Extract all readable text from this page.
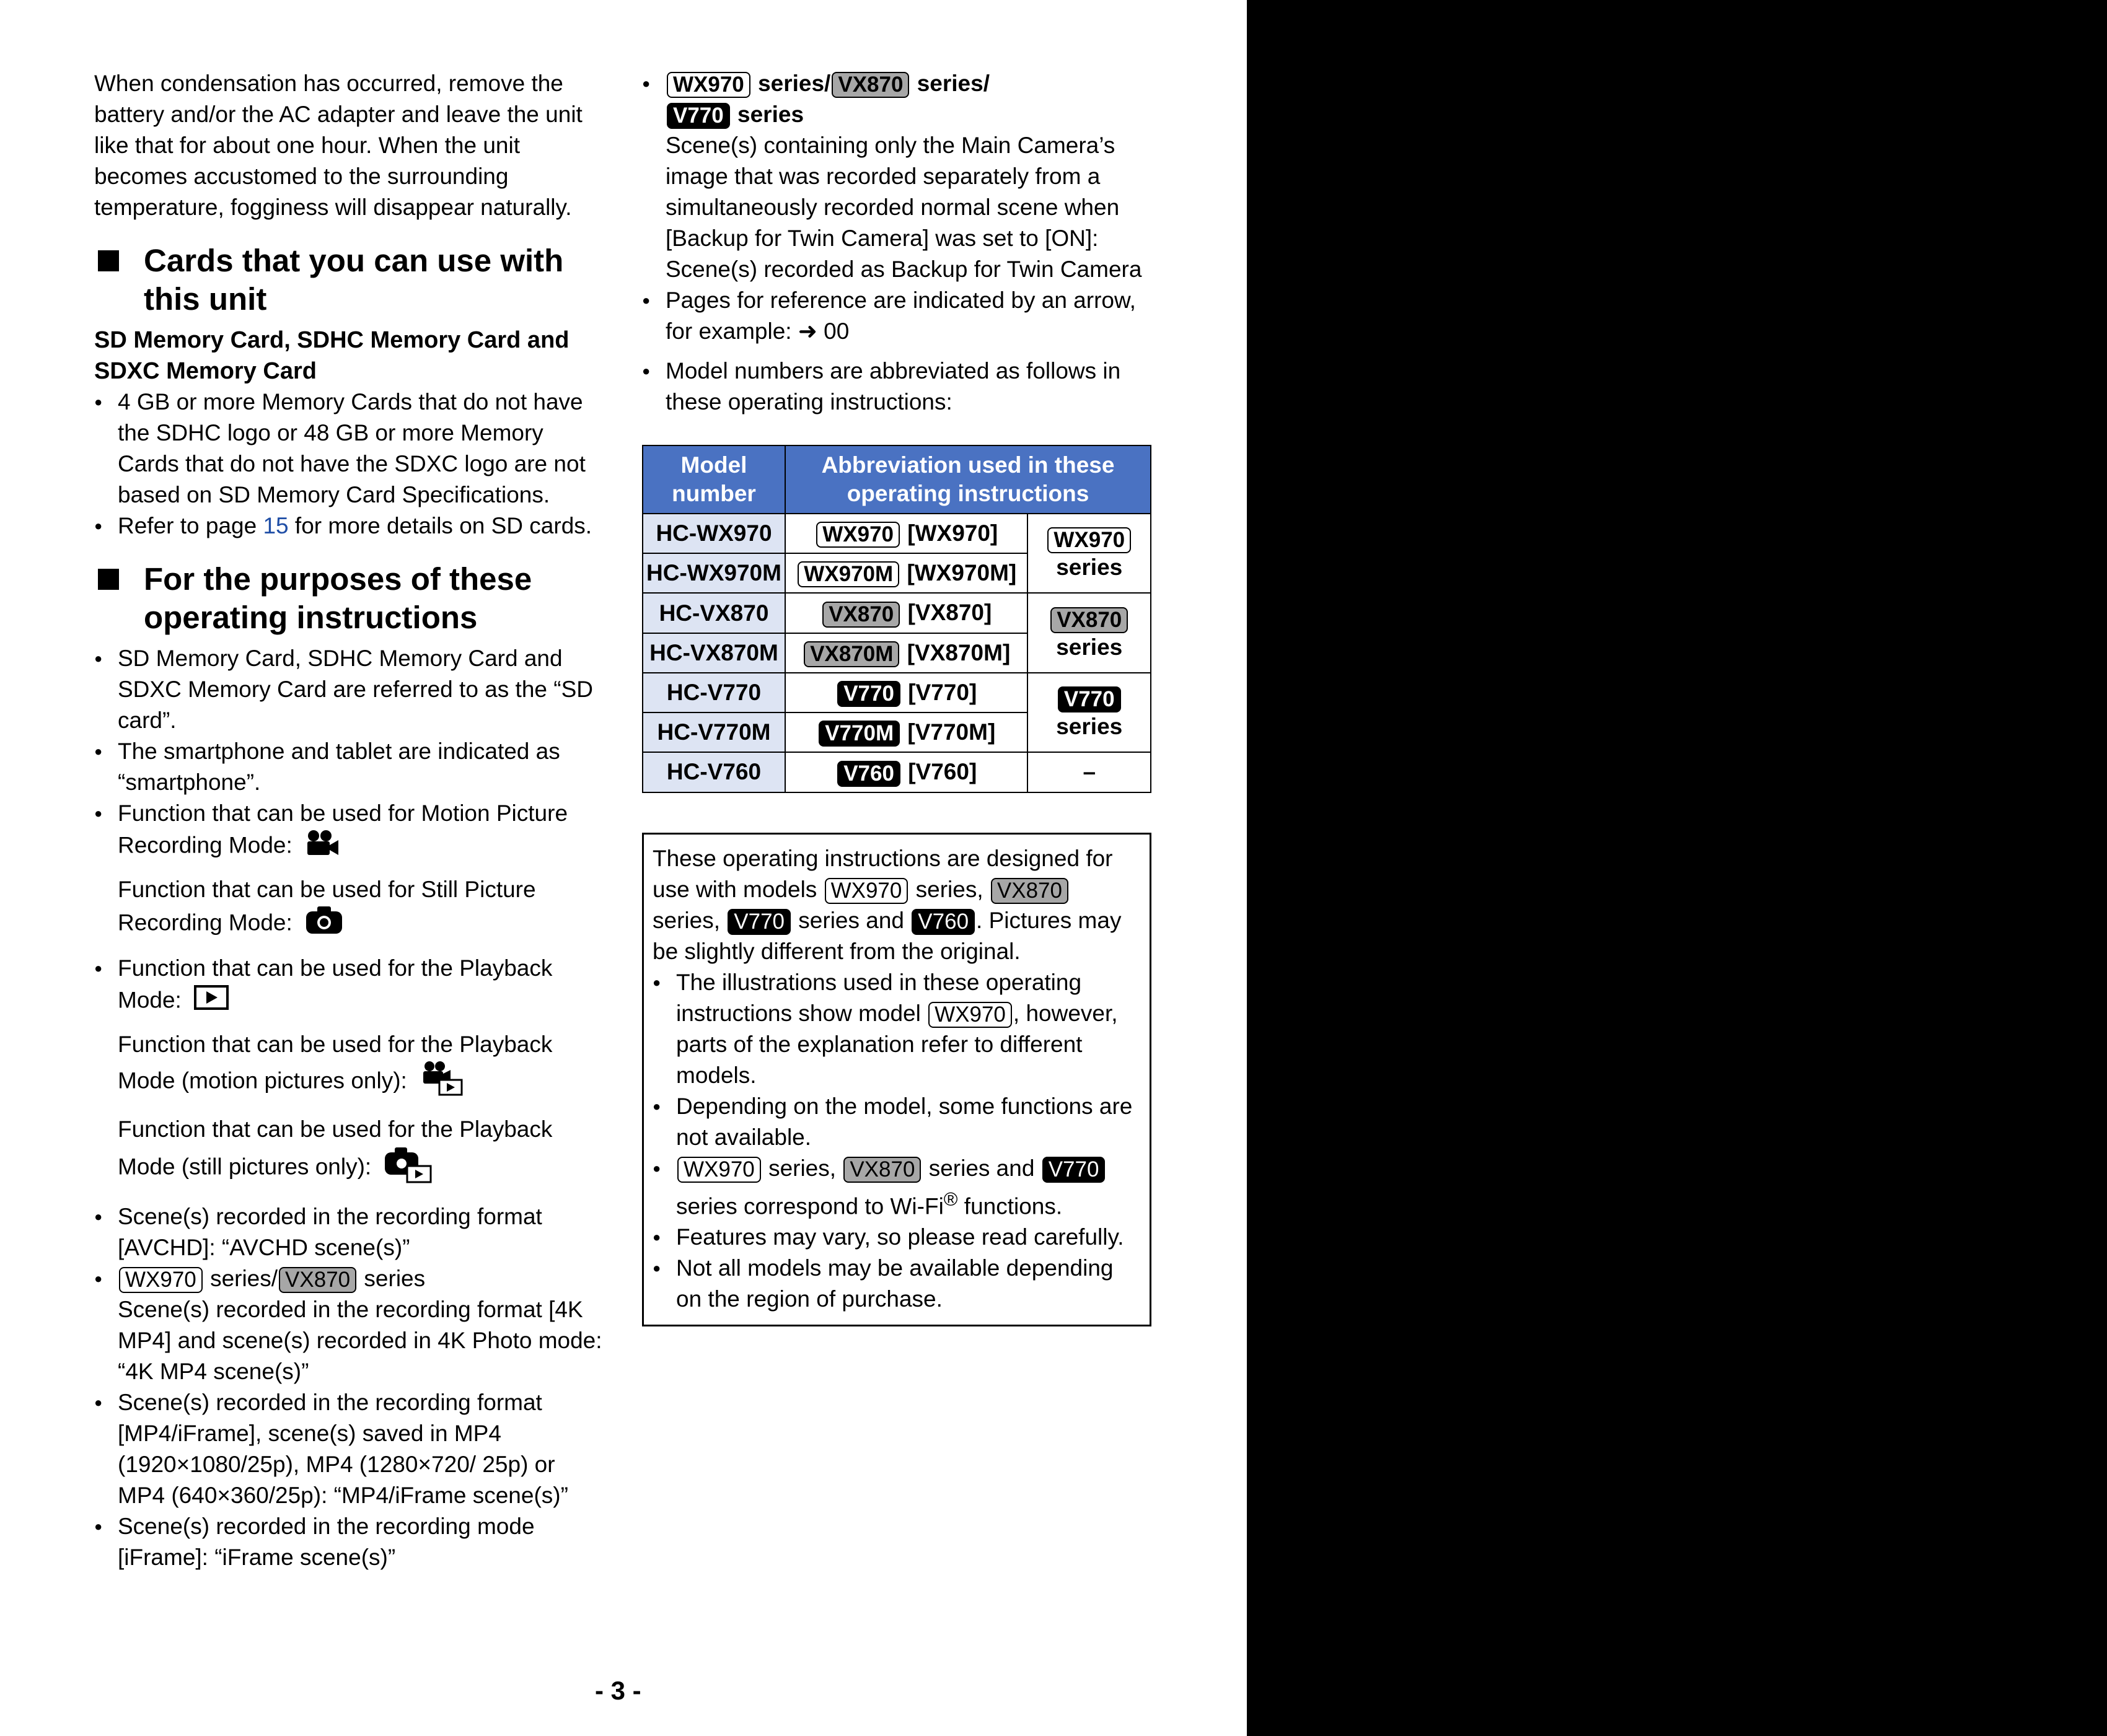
When condensation has occurred, remove the battery and/or the AC adapter and leave the unit like that for about one hour. When the unit becomes accustomed to the surrounding temperature, fogginess will disappear naturally.

Cards that you can use with this unit
SD Memory Card, SDHC Memory Card and SDXC Memory Card
● 4 GB or more Memory Cards that do not have the SDHC logo or 48 GB or more Memory Cards that do not have the SDXC logo are not based on SD Memory Card Specifications.
● Refer to page 15 for more details on SD cards.
For the purposes of these operating instructions
● SD Memory Card, SDHC Memory Card and SDXC Memory Card are referred to as the “SD card”.
● The smartphone and tablet are indicated as “smartphone”.
● Function that can be used for Motion Picture Recording Mode:
Function that can be used for Still Picture Recording Mode:
● Function that can be used for the Playback Mode:
Function that can be used for the Playback Mode (motion pictures only):
Function that can be used for the Playback Mode (still pictures only):
● Scene(s) recorded in the recording format [AVCHD]: “AVCHD scene(s)”
● WX970 series/ VX870 series
Scene(s) recorded in the recording format [4K MP4] and scene(s) recorded in 4K Photo mode: “4K MP4 scene(s)”
● Scene(s) recorded in the recording format [MP4/iFrame], scene(s) saved in MP4 (1920×1080/25p), MP4 (1280×720/ 25p) or MP4 (640×360/25p): “MP4/iFrame scene(s)”
● Scene(s) recorded in the recording mode [iFrame]: “iFrame scene(s)”
● WX970 series/ VX870 series/
V770 series
Scene(s) containing only the Main Camera’s image that was recorded separately from a simultaneously recorded normal scene when [Backup for Twin Camera] was set to [ON]: Scene(s) recorded as Backup for Twin Camera
● Pages for reference are indicated by an arrow, for example: ➜ 00
● Model numbers are abbreviated as follows in these operating instructions:
Model number	Abbreviation used in these operating instructions	
HC-WX970	WX970 [WX970]	WX970
series
HC-WX970M	WX970M [WX970M]	
HC-VX870	VX870 [VX870]	VX870
series
HC-VX870M	VX870M [VX870M]	
HC-V770	V770 [V770]	V770
series
HC-V770M	V770M [V770M]	
HC-V760	V760 [V760]	–

These operating instructions are designed for use with models WX970 series, VX870 series, V770 series and V760 . Pictures may be slightly different from the original.

● The illustrations used in these operating instructions show model WX970 , however, parts of the explanation refer to different models.
● Depending on the model, some functions are not available.
● WX970 series, VX870 series and V770 series correspond to Wi-Fi® functions.
● Features may vary, so please read carefully.
● Not all models may be available depending on the region of purchase.
- 3 -
